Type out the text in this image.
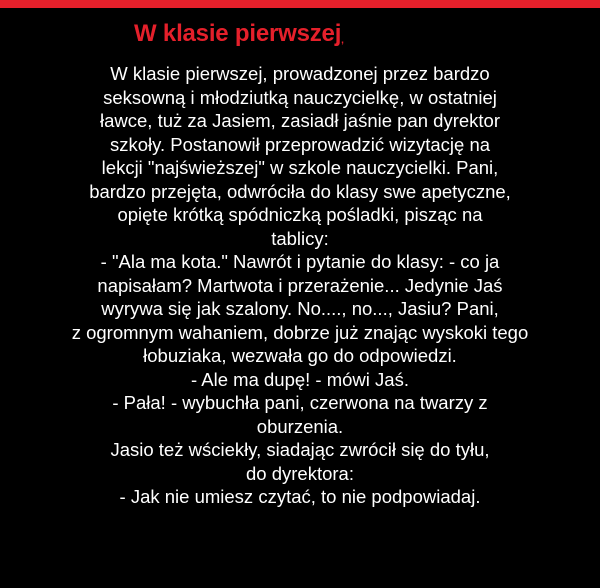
W klasie pierwszej,
W klasie pierwszej, prowadzonej przez bardzo
seksowną i młodziutką nauczycielkę, w ostatniej
ławce, tuż za Jasiem, zasiadł jaśnie pan dyrektor
szkoły. Postanowił przeprowadzić wizytację na
lekcji "najświeższej" w szkole nauczycielki. Pani,
bardzo przejęta, odwróciła do klasy swe apetyczne,
opięte krótką spódniczką pośladki, pisząc na
tablicy:
- "Ala ma kota." Nawrót i pytanie do klasy: - co ja
napisałam? Martwota i przerażenie... Jedynie Jaś
wyrywa się jak szalony. No...., no..., Jasiu? Pani,
z ogromnym wahaniem, dobrze już znając wyskoki tego
łobuziaka, wezwała go do odpowiedzi.
- Ale ma dupę! - mówi Jaś.
- Pała! - wybuchła pani, czerwona na twarzy z
oburzenia.
Jasio też wściekły, siadając zwrócił się do tyłu,
do dyrektora:
- Jak nie umiesz czytać, to nie podpowiadaj.
